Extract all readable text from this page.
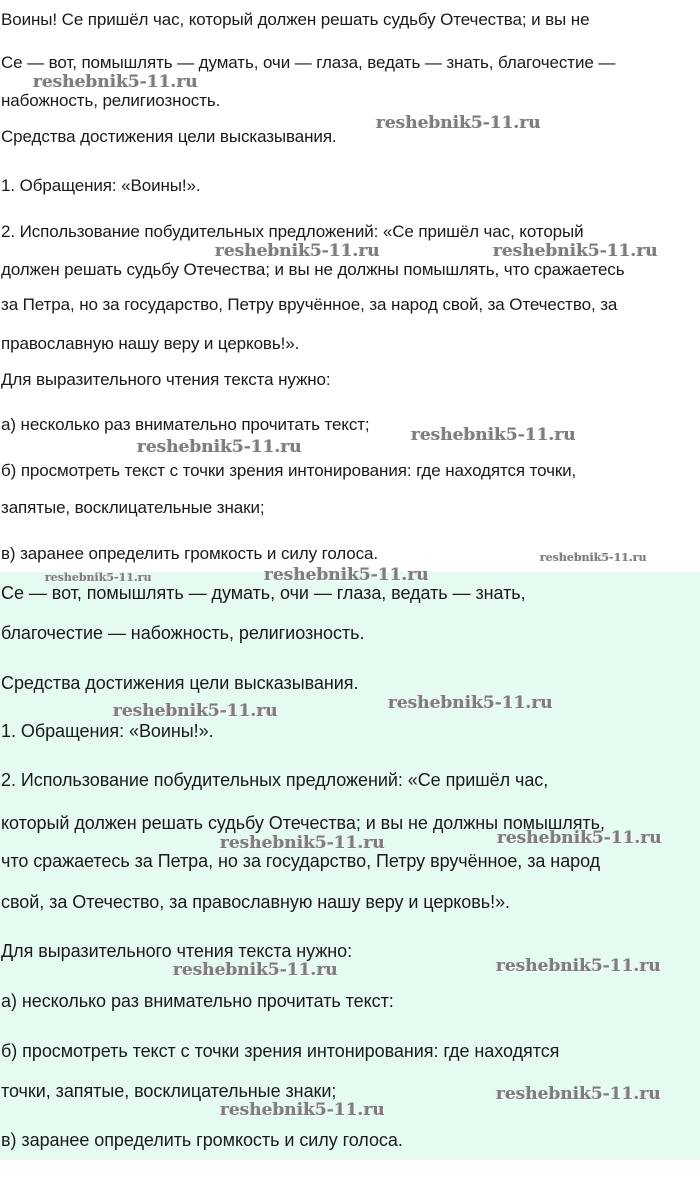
Воины! Се пришёл час, который должен решать судьбу Отечества; и вы не
Се — вот, помышлять — думать, очи — глаза, ведать — знать, благочестие —
набожность, религиозность.
Средства достижения цели высказывания.
1. Обращения: «Воины!».
2. Использование побудительных предложений: «Се пришёл час, который
должен решать судьбу Отечества; и вы не должны помышлять, что сражаетесь
за Петра, но за государство, Петру вручённое, за народ свой, за Отечество, за
православную нашу веру и церковь!».
Для выразительного чтения текста нужно:
а) несколько раз внимательно прочитать текст;
б) просмотреть текст с точки зрения интонирования: где находятся точки,
запятые, восклицательные знаки;
в) заранее определить громкость и силу голоса.
Се — вот, помышлять — думать, очи — глаза, ведать — знать,
благочестие — набожность, религиозность.
Средства достижения цели высказывания.
1. Обращения: «Воины!».
2. Использование побудительных предложений: «Се пришёл час,
который должен решать судьбу Отечества; и вы не должны помышлять,
что сражаетесь за Петра, но за государство, Петру вручённое, за народ
свой, за Отечество, за православную нашу веру и церковь!».
Для выразительного чтения текста нужно:
а) несколько раз внимательно прочитать текст:
б) просмотреть текст с точки зрения интонирования: где находятся
точки, запятые, восклицательные знаки;
в) заранее определить громкость и силу голоса.
reshebnik5-11.ru
reshebnik5-11.ru
reshebnik5-11.ru	reshebnik5-11.ru
reshebnik5-11.ru
reshebnik5-11.ru
reshebnik5-11.ru
reshebnik5-11.ru
reshebnik5-11.ru
reshebnik5-11.ru
reshebnik5-11.ru
reshebnik5-11.ru	reshebnik5-11.ru
reshebnik5-11.ru	reshebnik5-11.ru
reshebnik5-11.ru
reshebnik5-11.ru
